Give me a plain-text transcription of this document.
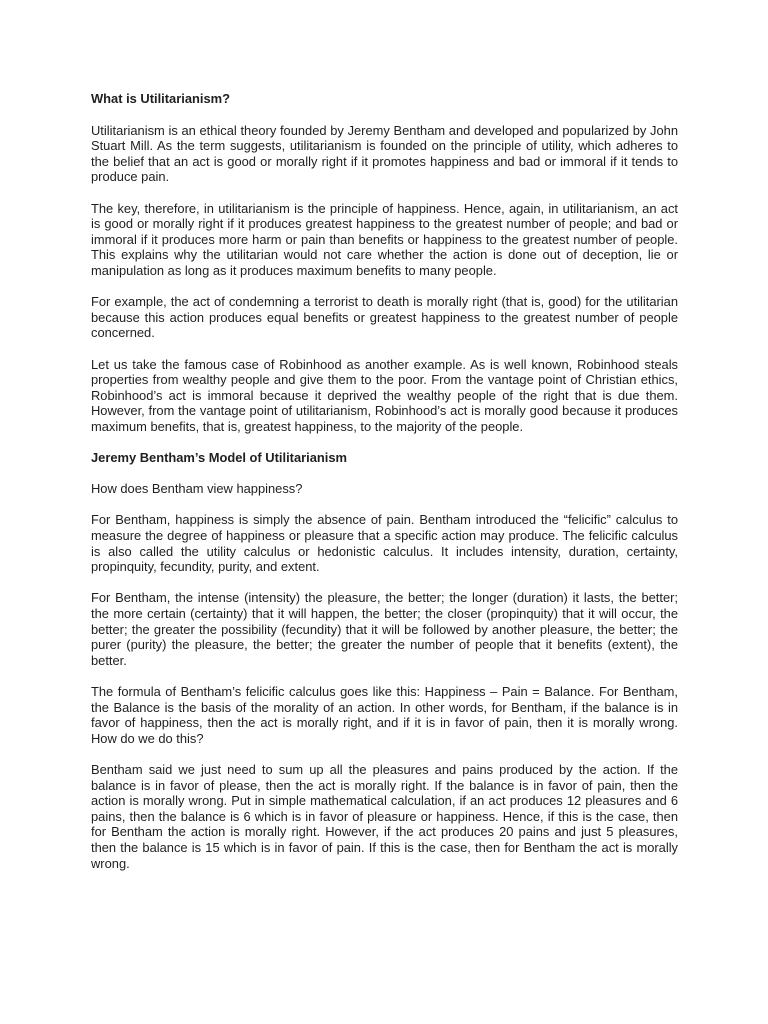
What is Utilitarianism?

Utilitarianism is an ethical theory founded by Jeremy Bentham and developed and popularized by John Stuart Mill. As the term suggests, utilitarianism is founded on the principle of utility, which adheres to the belief that an act is good or morally right if it promotes happiness and bad or immoral if it tends to produce pain.

The key, therefore, in utilitarianism is the principle of happiness. Hence, again, in utilitarianism, an act is good or morally right if it produces greatest happiness to the greatest number of people; and bad or immoral if it produces more harm or pain than benefits or happiness to the greatest number of people. This explains why the utilitarian would not care whether the action is done out of deception, lie or manipulation as long as it produces maximum benefits to many people.

For example, the act of condemning a terrorist to death is morally right (that is, good) for the utilitarian because this action produces equal benefits or greatest happiness to the greatest number of people concerned.

Let us take the famous case of Robinhood as another example. As is well known, Robinhood steals properties from wealthy people and give them to the poor. From the vantage point of Christian ethics, Robinhood’s act is immoral because it deprived the wealthy people of the right that is due them. However, from the vantage point of utilitarianism, Robinhood’s act is morally good because it produces maximum benefits, that is, greatest happiness, to the majority of the people.

Jeremy Bentham’s Model of Utilitarianism
How does Bentham view happiness?

For Bentham, happiness is simply the absence of pain. Bentham introduced the “felicific” calculus to measure the degree of happiness or pleasure that a specific action may produce. The felicific calculus is also called the utility calculus or hedonistic calculus. It includes intensity, duration, certainty, propinquity, fecundity, purity, and extent.

For Bentham, the intense (intensity) the pleasure, the better; the longer (duration) it lasts, the better; the more certain (certainty) that it will happen, the better; the closer (propinquity) that it will occur, the better; the greater the possibility (fecundity) that it will be followed by another pleasure, the better; the purer (purity) the pleasure, the better; the greater the number of people that it benefits (extent), the better.

The formula of Bentham’s felicific calculus goes like this: Happiness – Pain = Balance. For Bentham, the Balance is the basis of the morality of an action. In other words, for Bentham, if the balance is in favor of happiness, then the act is morally right, and if it is in favor of pain, then it is morally wrong. How do we do this?

Bentham said we just need to sum up all the pleasures and pains produced by the action. If the balance is in favor of please, then the act is morally right. If the balance is in favor of pain, then the action is morally wrong. Put in simple mathematical calculation, if an act produces 12 pleasures and 6 pains, then the balance is 6 which is in favor of pleasure or happiness. Hence, if this is the case, then for Bentham the action is morally right. However, if the act produces 20 pains and just 5 pleasures, then the balance is 15 which is in favor of pain. If this is the case, then for Bentham the act is morally wrong.
